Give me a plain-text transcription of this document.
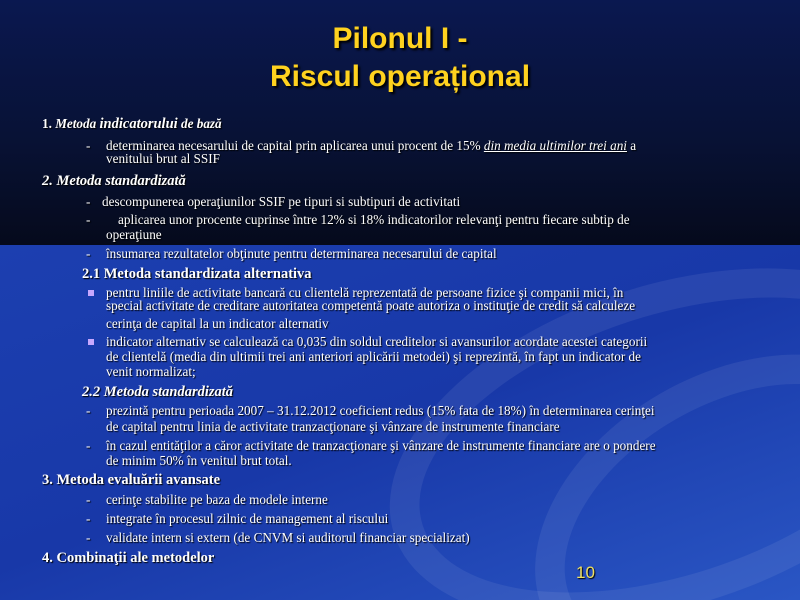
Pilonul I -
Riscul operațional
1. Metoda indicatorului de bază
- determinarea necesarului de capital prin aplicarea unui procent de 15% din media ultimilor trei ani a
venitului brut al SSIF
2. Metoda standardizată
- descompunerea operaţiunilor SSIF pe tipuri si subtipuri de activitati
- aplicarea unor procente cuprinse între 12% si 18% indicatorilor relevanţi pentru fiecare subtip de
operaţiune
- însumarea rezultatelor obţinute pentru determinarea necesarului de capital
2.1 Metoda standardizata alternativa
pentru liniile de activitate bancară cu clientelă reprezentată de persoane fizice şi companii mici, în
special activitate de creditare autoritatea competentă poate autoriza o instituţie de credit să calculeze
cerinţa de capital la un indicator alternativ
indicator alternativ se calculează ca 0,035 din soldul creditelor si avansurilor acordate acestei categorii
de clientelă (media din ultimii trei ani anteriori aplicării metodei) şi reprezintă, în fapt un indicator de
venit normalizat;
2.2 Metoda standardizată
- prezintă pentru perioada 2007 – 31.12.2012 coeficient redus (15% fata de 18%) în determinarea cerinţei
de capital pentru linia de activitate tranzacţionare şi vânzare de instrumente financiare
- în cazul entităţilor a căror activitate de tranzacţionare şi vânzare de instrumente financiare are o pondere
de minim 50% în venitul brut total.
3. Metoda evaluării avansate
- cerinţe stabilite pe baza de modele interne
- integrate în procesul zilnic de management al riscului
- validate intern si extern (de CNVM si auditorul financiar specializat)
4. Combinaţii ale metodelor
10
